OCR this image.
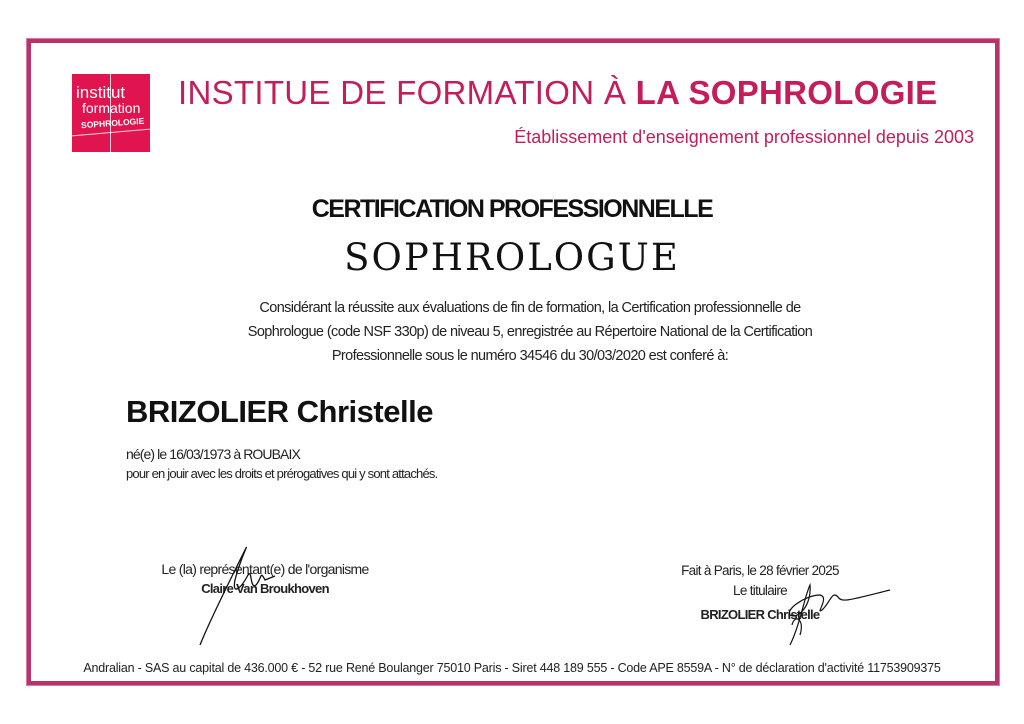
institut
formation
SOPHROLOGIE
INSTITUE DE FORMATION À LA SOPHROLOGIE
Établissement d'enseignement professionnel depuis 2003
CERTIFICATION PROFESSIONNELLE
SOPHROLOGUE
Considérant la réussite aux évaluations de fin de formation, la Certification professionnelle de
Sophrologue (code NSF 330p) de niveau 5, enregistrée au Répertoire National de la Certification
Professionnelle sous le numéro 34546 du 30/03/2020 est conferé à:
BRIZOLIER Christelle
né(e) le 16/03/1973 à ROUBAIX
pour en jouir avec les droits et prérogatives qui y sont attachés.
Le (la) représentant(e) de l'organisme
Claire Van Broukhoven
Fait à Paris, le 28 février 2025
Le titulaire
BRIZOLIER Christelle
Andralian - SAS au capital de 436.000 € - 52 rue René Boulanger 75010 Paris - Siret 448 189 555 - Code APE 8559A - N° de déclaration d'activité 11753909375
